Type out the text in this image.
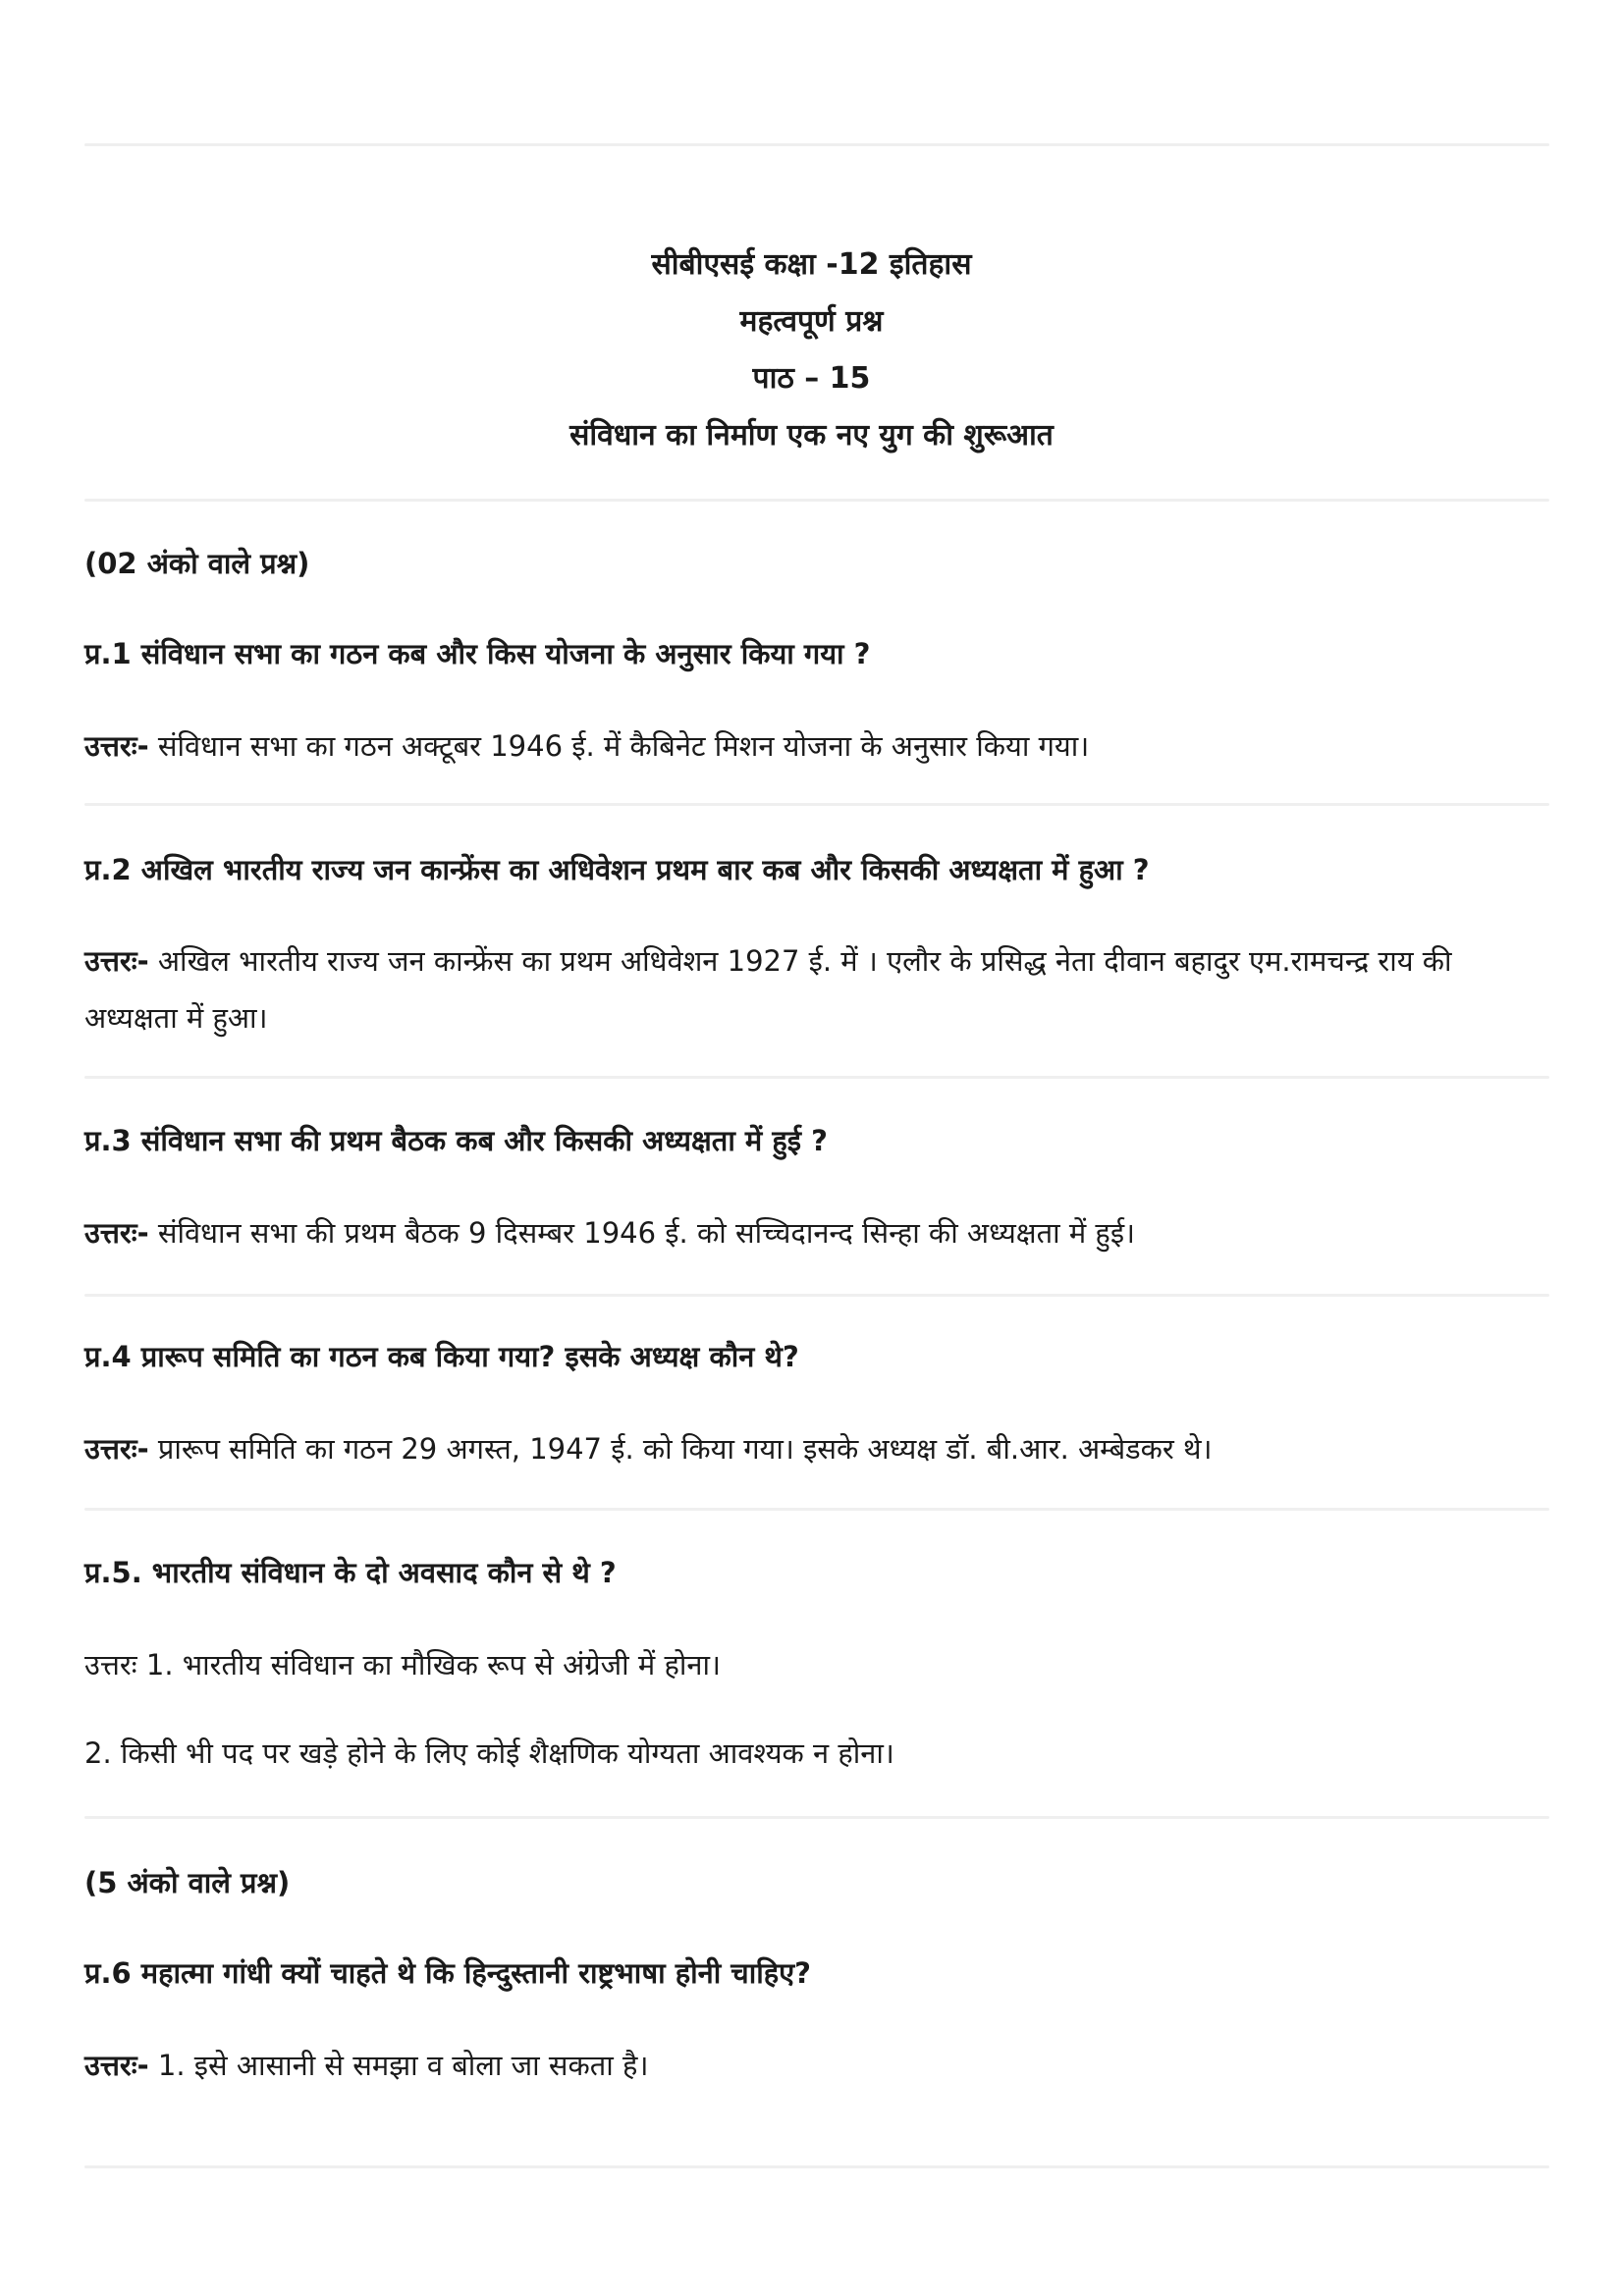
सीबीएसई कक्षा -12 इतिहास
महत्वपूर्ण प्रश्न
पाठ – 15
संविधान का निर्माण एक नए युग की शुरूआत
(02 अंको वाले प्रश्न)
प्र.1 संविधान सभा का गठन कब और किस योजना के अनुसार किया गया ?
उत्तरः- संविधान सभा का गठन अक्टूबर 1946 ई. में कैबिनेट मिशन योजना के अनुसार किया गया।
प्र.2 अखिल भारतीय राज्य जन कान्फ्रेंस का अधिवेशन प्रथम बार कब और किसकी अध्यक्षता में हुआ ?
उत्तरः- अखिल भारतीय राज्य जन कान्फ्रेंस का प्रथम अधिवेशन 1927 ई. में । एलौर के प्रसिद्ध नेता दीवान बहादुर एम.रामचन्द्र राय की अध्यक्षता में हुआ।
प्र.3 संविधान सभा की प्रथम बैठक कब और किसकी अध्यक्षता में हुई ?
उत्तरः- संविधान सभा की प्रथम बैठक 9 दिसम्बर 1946 ई. को सच्चिदानन्द सिन्हा की अध्यक्षता में हुई।
प्र.4 प्रारूप समिति का गठन कब किया गया? इसके अध्यक्ष कौन थे?
उत्तरः- प्रारूप समिति का गठन 29 अगस्त, 1947 ई. को किया गया। इसके अध्यक्ष डॉ. बी.आर. अम्बेडकर थे।
प्र.5. भारतीय संविधान के दो अवसाद कौन से थे ?
उत्तरः 1. भारतीय संविधान का मौखिक रूप से अंग्रेजी में होना।
2. किसी भी पद पर खड़े होने के लिए कोई शैक्षणिक योग्यता आवश्यक न होना।
(5 अंको वाले प्रश्न)
प्र.6 महात्मा गांधी क्यों चाहते थे कि हिन्दुस्तानी राष्ट्रभाषा होनी चाहिए?
उत्तरः- 1. इसे आसानी से समझा व बोला जा सकता है।
